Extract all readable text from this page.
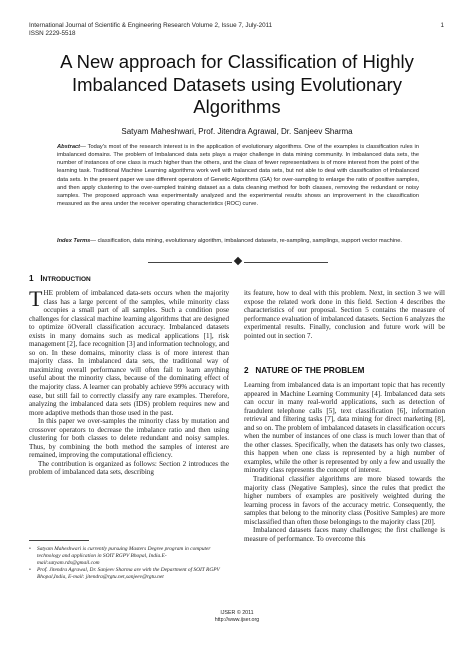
International Journal of Scientific & Engineering Research Volume 2, Issue 7, July-2011
ISSN 2229-5518
1
A New approach for Classification of Highly
Imbalanced Datasets using Evolutionary
Algorithms
Satyam Maheshwari, Prof. Jitendra Agrawal, Dr. Sanjeev Sharma
Abstract— Today's most of the research interest is in the application of evolutionary algorithms. One of the examples is classification rules in imbalanced domains. The problem of Imbalanced data sets plays a major challenge in data mining community. In imbalanced data sets, the number of instances of one class is much higher than the others, and the class of fewer representatives is of more interest from the point of the learning task. Traditional Machine Learning algorithms work well with balanced data sets, but not able to deal with classification of imbalanced data sets. In the present paper we use different operators of Genetic Algorithms (GA) for over-sampling to enlarge the ratio of positive samples, and then apply clustering to the over-sampled training dataset as a data cleaning method for both classes, removing the redundant or noisy samples. The proposed approach was experimentally analyzed and the experimental results shows an improvement in the classification measured as the area under the receiver operating characteristics (ROC) curve.
Index Terms— classification, data mining, evolutionary algorithm, imbalanced datasets, re-sampling, samplings, support vector machine.
1 INTRODUCTION

THE problem of imbalanced data-sets occurs when the majority class has a large percent of the samples, while minority class occupies a small part of all samples. Such a condition pose challenges for classical machine learning algorithms that are designed to optimize öOverall classification accuracy. Imbalanced datasets exists in many domains such as medical applications [1], risk management [2], face recognition [3] and information technology, and so on. In these domains, minority class is of more interest than majority class. In imbalanced data sets, the traditional way of maximizing overall performance will often fail to learn anything useful about the minority class, because of the dominating effect of the majority class. A learner can probably achieve 99% accuracy with ease, but still fail to correctly classify any rare examples. Therefore, analyzing the imbalanced data sets (IDS) problem requires new and more adaptive methods than those used in the past.

In this paper we over-samples the minority class by mutation and crossover operators to decrease the imbalance ratio and then using clustering for both classes to delete redundant and noisy samples. Thus, by combining the both method the samples of interest are remained, improving the computational efficiency.

The contribution is organized as follows: Section 2 introduces the problem of imbalanced data sets, describing

its feature, how to deal with this problem. Next, in section 3 we will expose the related work done in this field. Section 4 describes the characteristics of our proposal. Section 5 contains the measure of performance evaluation of imbalanced datasets. Section 6 analyzes the experimental results. Finally, conclusion and future work will be pointed out in section 7.

2 NATURE OF THE PROBLEM

Learning from imbalanced data is an important topic that has recently appeared in Machine Learning Community [4]. Imbalanced data sets can occur in many real-world applications, such as detection of fraudulent telephone calls [5], text classification [6], information retrieval and filtering tasks [7], data mining for direct marketing [8], and so on. The problem of imbalanced datasets in classification occurs when the number of instances of one class is much lower than that of the other classes. Specifically, when the datasets has only two classes, this happen when one class is represented by a high number of examples, while the other is represented by only a few and usually the minority class represents the concept of interest.

Traditional classifier algorithms are more biased towards the majority class (Negative Samples), since the rules that predict the higher numbers of examples are positively weighted during the learning process in favors of the accuracy metric. Consequently, the samples that belong to the minority class (Positive Samples) are more misclassified than often those belongings to the majority class [20].

Imbalanced datasets faces many challenges; the first challenge is measure of performance. To overcome this

•	Satyam Maheshwari is currently pursuing Masters Degree program in computer technology and application in SOIT RGPV Bhopal, India.E-mail:satyam.rdx@gmail.com
•	Prof. Jitendra Agrawal, Dr. Sanjeev Sharma are with the Department of SOIT RGPV Bhopal,India, E-mail: jitendra@rgtu.net,sanjeev@rgtu.net
IJSER © 2011
http://www.ijser.org
